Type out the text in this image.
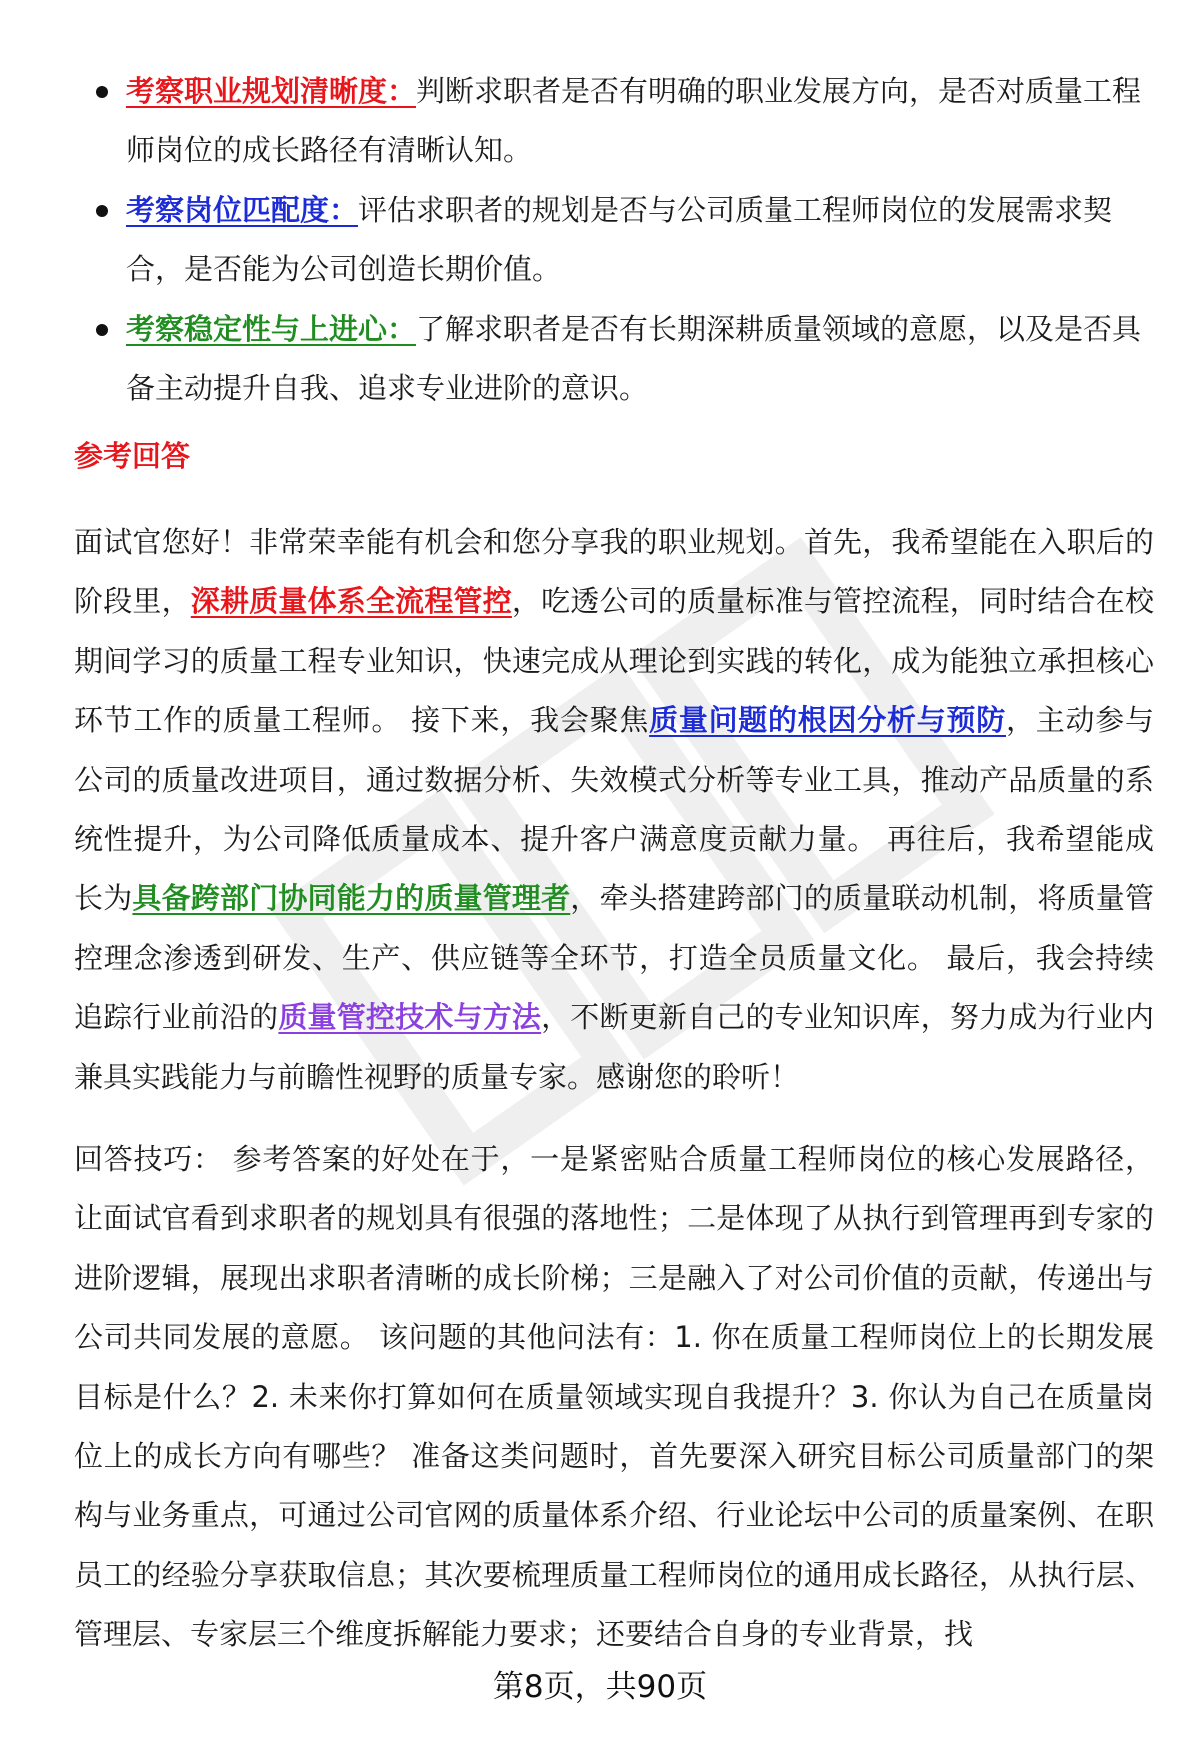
考察职业规划清晰度：判断求职者是否有明确的职业发展方向，是否对质量工程师岗位的成长路径有清晰认知。
考察岗位匹配度：评估求职者的规划是否与公司质量工程师岗位的发展需求契合，是否能为公司创造长期价值。
考察稳定性与上进心：了解求职者是否有长期深耕质量领域的意愿，以及是否具备主动提升自我、追求专业进阶的意识。
参考回答

面试官您好！非常荣幸能有机会和您分享我的职业规划。首先，我希望能在入职后的阶段里，深耕质量体系全流程管控，吃透公司的质量标准与管控流程，同时结合在校期间学习的质量工程专业知识，快速完成从理论到实践的转化，成为能独立承担核心环节工作的质量工程师。 接下来，我会聚焦质量问题的根因分析与预防，主动参与公司的质量改进项目，通过数据分析、失效模式分析等专业工具，推动产品质量的系统性提升，为公司降低质量成本、提升客户满意度贡献力量。 再往后，我希望能成长为具备跨部门协同能力的质量管理者，牵头搭建跨部门的质量联动机制，将质量管控理念渗透到研发、生产、供应链等全环节，打造全员质量文化。 最后，我会持续追踪行业前沿的质量管控技术与方法，不断更新自己的专业知识库，努力成为行业内兼具实践能力与前瞻性视野的质量专家。感谢您的聆听！

回答技巧： 参考答案的好处在于，一是紧密贴合质量工程师岗位的核心发展路径，让面试官看到求职者的规划具有很强的落地性；二是体现了从执行到管理再到专家的进阶逻辑，展现出求职者清晰的成长阶梯；三是融入了对公司价值的贡献，传递出与公司共同发展的意愿。 该问题的其他问法有：1. 你在质量工程师岗位上的长期发展目标是什么？2. 未来你打算如何在质量领域实现自我提升？3. 你认为自己在质量岗位上的成长方向有哪些？ 准备这类问题时，首先要深入研究目标公司质量部门的架构与业务重点，可通过公司官网的质量体系介绍、行业论坛中公司的质量案例、在职员工的经验分享获取信息；其次要梳理质量工程师岗位的通用成长路径，从执行层、管理层、专家层三个维度拆解能力要求；还要结合自身的专业背景，找

第8页，共90页
